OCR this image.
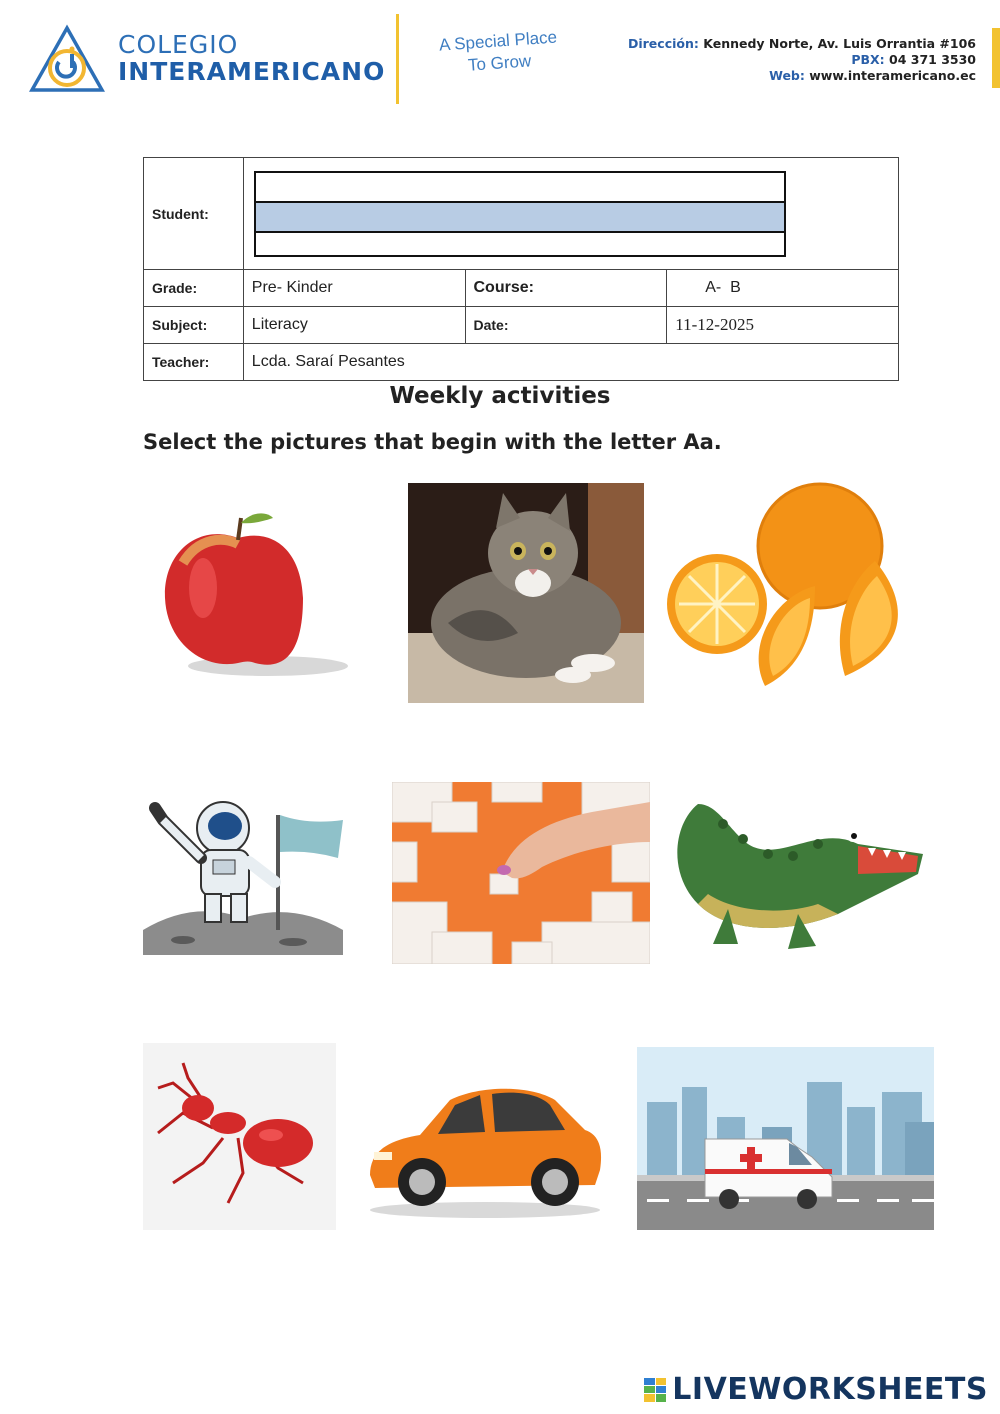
COLEGIO
INTERAMERICANO
A Special Place
To Grow
Dirección: Kennedy Norte, Av. Luis Orrantia #106
PBX: 04 371 3530
Web: www.interamericano.ec
Student:			

Grade:	Pre- Kinder	Course:	A-  B
Subject:	Literacy	Date:	11-12-2025
Teacher:	Lcda. Saraí Pesantes		
Weekly activities
Select the pictures that begin with the letter Aa.
LIVEWORKSHEETS
